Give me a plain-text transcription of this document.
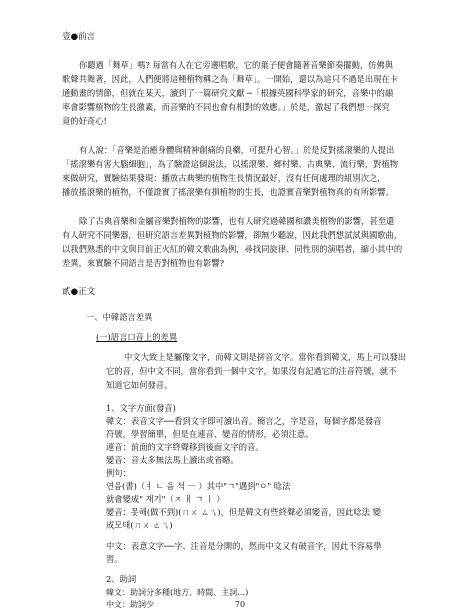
壹●前言
你聽過「舞草」嗎? 每當有人在它旁邊唱歌，它的葉子便會隨著音樂節奏擺動，仿佛與
歌聲共舞著，因此，人們便將這種植物稱之為「舞草」。一開始，還以為這只不過是出現在卡
通動畫的情節，但就在某天，讀到了一篇研究文獻 ─「根據英國科學家的研究，音樂中的韻
率會影響植物的生長激素，而音樂的不同也會有相對的效應。」於是，激起了我們想一探究
竟的好奇心!
有人說：「音樂是治癒身體與精神創痛的良藥，可提升心智。」於是反對搖滾樂的人提出
「搖滾樂有害大腦細胞」，為了驗證這個說法，以搖滾樂、鄉村樂、古典樂、流行樂，對植物
來做研究，實驗結果發現：播放古典樂的植物生長情況最好，沒有任何處理的組別次之，
播放搖滾樂的植物，不僅證實了搖滾樂有損植物的生長，也證實音樂對植物真的有所影響。
除了古典音樂和金屬音樂對植物的影響，也有人研究過韓國和讚美植物的影響，甚至還
有人研究不同樂器，但研究語言差異對植物的影響，卻無少聽說，因此我們想試試與國歌曲，
以我們熟悉的中文與目前正火紅的韓文歌曲為例，尋找同旋律、同性別的演唱者，縮小其中的
差異，來實驗不同語言是否對植物也有影響?
貳●正文
一、中韓語言差異
(一)語言口音上的差異
中文大致上是屬像文字，而韓文則是拼音文字。當你看到韓文，馬上可以發出
它的音，但中文不同，當你看到一個中文字，如果沒有記過它的注音符號，就不
知道它如何發音。
1、文字方面(發音)
韓文：表音文字──看到文字即可讀出音。簡言之，字是音，每個字都是發音
符號，學習簡單，但是在連音、變音的情形，必須注意。
連音：前面的文字終聲移到後面文字的音。
變音：音太多無法馬上讀出或省略。
例句：
연음(書)（ㅕ ㄴ 음 석 ㅡ ）其中"ㄱ"遇到"ㅇ" 唸法
就會變成" 재기"（ㅈ ㅐ ㄱ ㅣ ）
變音：못해(做不到)(ㄇㄨ ㄙㄟ)，但是韓文有些終聲必須變音，因此唸法 變
成모태(ㄇㄨ ㄊㄟ)
中文：表意文字──字、注音是分開的，然而中文又有破音字，因此不容易學
習。
2、助詞
韓文：助詞分多種(地方、時間、主詞…)
中文：助詞少	70
